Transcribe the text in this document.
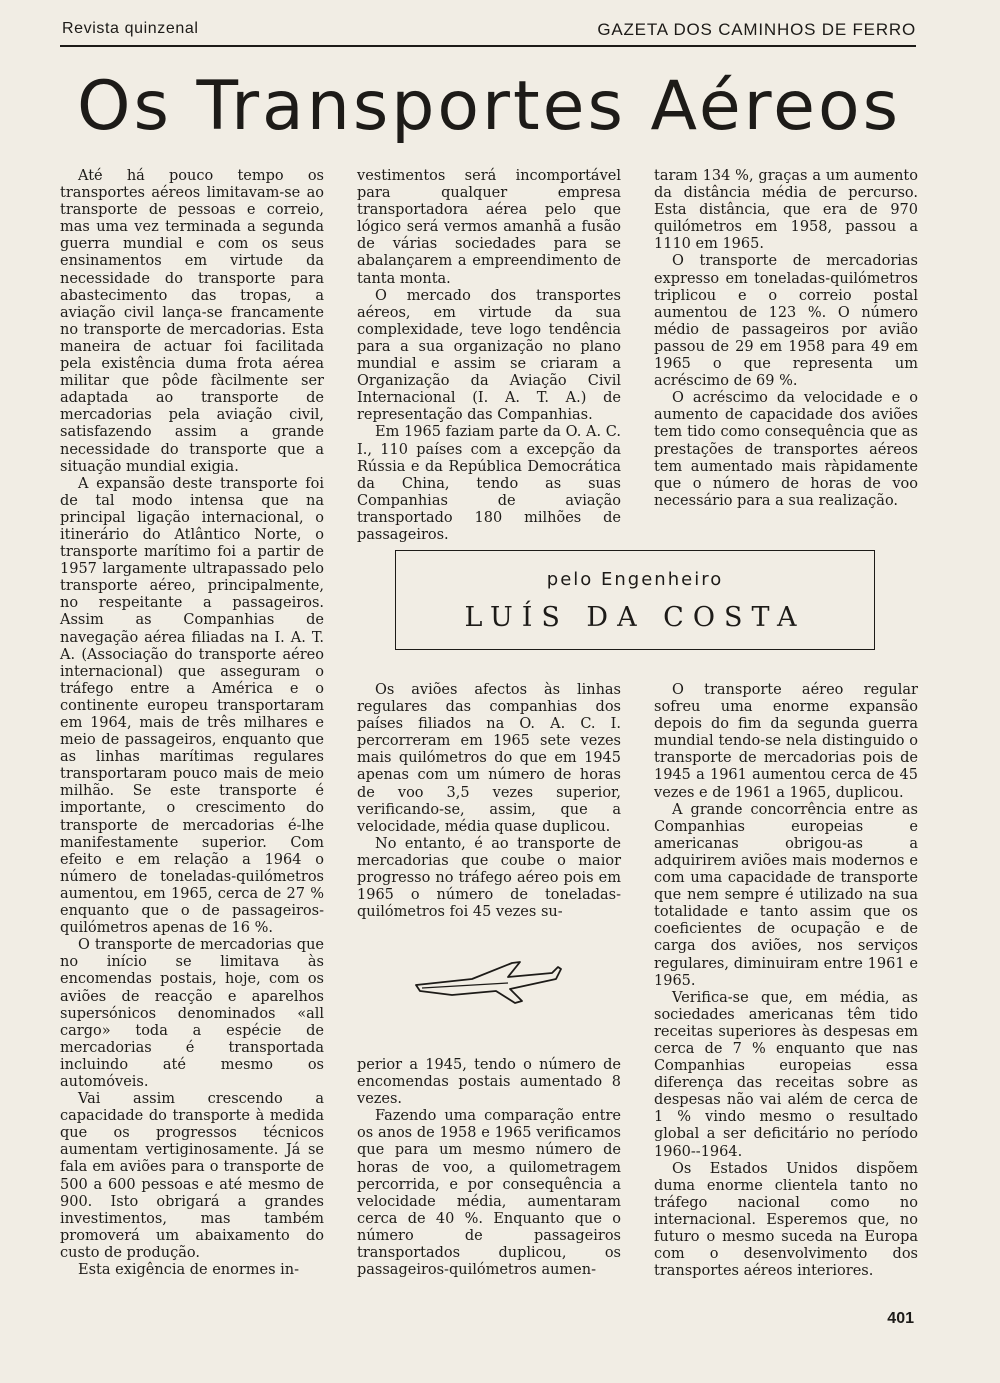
Revista quinzenal	GAZETA DOS CAMINHOS DE FERRO
Os Transportes Aéreos

Até há pouco tempo os transportes aéreos limitavam-se ao transporte de pessoas e correio, mas uma vez terminada a segunda guerra mundial e com os seus ensinamentos em virtude da necessidade do transporte para abastecimento das tropas, a aviação civil lança-se francamente no transporte de mercadorias. Esta maneira de actuar foi facilitada pela existência duma frota aérea militar que pôde fàcilmente ser adaptada ao transporte de mercadorias pela aviação civil, satisfazendo assim a grande necessidade do transporte que a situação mundial exigia.

A expansão deste transporte foi de tal modo intensa que na principal ligação internacional, o itinerário do Atlântico Norte, o transporte marítimo foi a partir de 1957 largamente ultrapassado pelo transporte aéreo, principalmente, no respeitante a passageiros. Assim as Companhias de navegação aérea filiadas na I. A. T. A. (Associação do transporte aéreo internacional) que asseguram o tráfego entre a América e o continente europeu transportaram em 1964, mais de três milhares e meio de passageiros, enquanto que as linhas marítimas regulares transportaram pouco mais de meio milhão. Se este transporte é importante, o crescimento do transporte de mercadorias é-lhe manifestamente superior. Com efeito e em relação a 1964 o número de toneladas-quilómetros aumentou, em 1965, cerca de 27 % enquanto que o de passageiros-quilómetros apenas de 16 %.

O transporte de mercadorias que no início se limitava às encomendas postais, hoje, com os aviões de reacção e aparelhos supersónicos denominados «all cargo» toda a espécie de mercadorias é transportada incluindo até mesmo os automóveis.

Vai assim crescendo a capacidade do transporte à medida que os progressos técnicos aumentam vertiginosamente. Já se fala em aviões para o transporte de 500 a 600 pessoas e até mesmo de 900. Isto obrigará a grandes investimentos, mas também promoverá um abaixamento do custo de produção.

Esta exigência de enormes in-

vestimentos será incomportável para qualquer empresa transportadora aérea pelo que lógico será vermos amanhã a fusão de várias sociedades para se abalançarem a empreendimento de tanta monta.

O mercado dos transportes aéreos, em virtude da sua complexidade, teve logo tendência para a sua organização no plano mundial e assim se criaram a Organização da Aviação Civil Internacional (I. A. T. A.) de representação das Companhias.

Em 1965 faziam parte da O. A. C. I., 110 países com a excepção da Rússia e da República Democrática da China, tendo as suas Companhias de aviação transportado 180 milhões de passageiros.

taram 134 %, graças a um aumento da distância média de percurso. Esta distância, que era de 970 quilómetros em 1958, passou a 1110 em 1965.

O transporte de mercadorias expresso em toneladas-quilómetros triplicou e o correio postal aumentou de 123 %. O número médio de passageiros por avião passou de 29 em 1958 para 49 em 1965 o que representa um acréscimo de 69 %.

O acréscimo da velocidade e o aumento de capacidade dos aviões tem tido como consequência que as prestações de transportes aéreos tem aumentado mais ràpidamente que o número de horas de voo necessário para a sua realização.

pelo Engenheiro
LUÍS DA COSTA

Os aviões afectos às linhas regulares das companhias dos países filiados na O. A. C. I. percorreram em 1965 sete vezes mais quilómetros do que em 1945 apenas com um número de horas de voo 3,5 vezes superior, verificando-se, assim, que a velocidade, média quase duplicou.

No entanto, é ao transporte de mercadorias que coube o maior progresso no tráfego aéreo pois em 1965 o número de toneladas-quilómetros foi 45 vezes su-

perior a 1945, tendo o número de encomendas postais aumentado 8 vezes.

Fazendo uma comparação entre os anos de 1958 e 1965 verificamos que para um mesmo número de horas de voo, a quilometragem percorrida, e por consequência a velocidade média, aumentaram cerca de 40 %. Enquanto que o número de passageiros transportados duplicou, os passageiros-quilómetros aumen-

O transporte aéreo regular sofreu uma enorme expansão depois do fim da segunda guerra mundial tendo-se nela distinguido o transporte de mercadorias pois de 1945 a 1961 aumentou cerca de 45 vezes e de 1961 a 1965, duplicou.

A grande concorrência entre as Companhias europeias e americanas obrigou-as a adquirirem aviões mais modernos e com uma capacidade de transporte que nem sempre é utilizado na sua totalidade e tanto assim que os coeficientes de ocupação e de carga dos aviões, nos serviços regulares, diminuiram entre 1961 e 1965.

Verifica-se que, em média, as sociedades americanas têm tido receitas superiores às despesas em cerca de 7 % enquanto que nas Companhias europeias essa diferença das receitas sobre as despesas não vai além de cerca de 1 % vindo mesmo o resultado global a ser deficitário no período 1960--1964.

Os Estados Unidos dispõem duma enorme clientela tanto no tráfego nacional como no internacional. Esperemos que, no futuro o mesmo suceda na Europa com o desenvolvimento dos transportes aéreos interiores.

401
